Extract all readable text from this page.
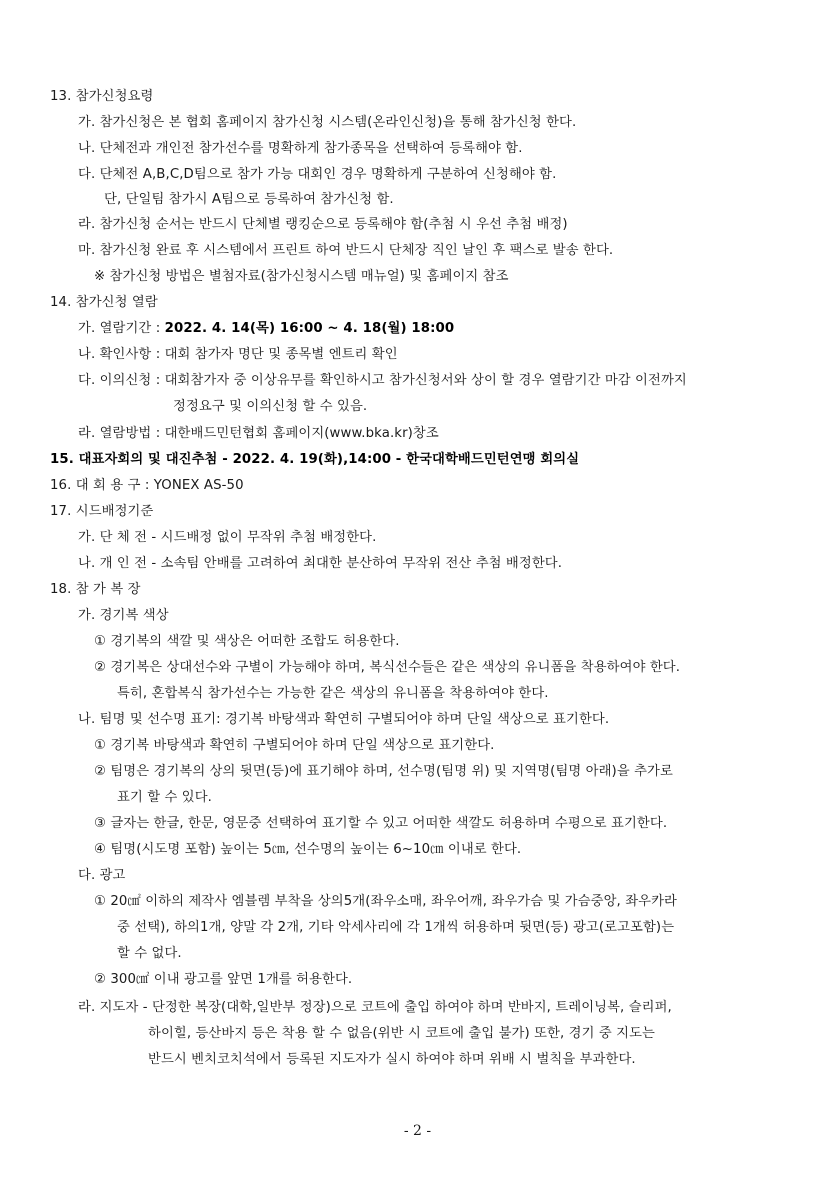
13. 참가신청요령
가. 참가신청은 본 협회 홈페이지 참가신청 시스템(온라인신청)을 통해 참가신청 한다.
나. 단체전과 개인전 참가선수를 명확하게 참가종목을 선택하여 등록해야 함.
다. 단체전 A,B,C,D팀으로 참가 가능 대회인 경우 명확하게 구분하여 신청해야 함.
단, 단일팀 참가시 A팀으로 등록하여 참가신청 함.
라. 참가신청 순서는 반드시 단체별 랭킹순으로 등록해야 함(추첨 시 우선 추첨 배정)
마. 참가신청 완료 후 시스템에서 프린트 하여 반드시 단체장 직인 날인 후 팩스로 발송 한다.
※ 참가신청 방법은 별첨자료(참가신청시스템 매뉴얼) 및 홈페이지 참조
14. 참가신청 열람
가. 열람기간 : 2022. 4. 14(목) 16:00 ~ 4. 18(월) 18:00
나. 확인사항 : 대회 참가자 명단 및 종목별 엔트리 확인
다. 이의신청 : 대회참가자 중 이상유무를 확인하시고 참가신청서와 상이 할 경우 열람기간 마감 이전까지
정정요구 및 이의신청 할 수 있음.
라. 열람방법 : 대한배드민턴협회 홈페이지(www.bka.kr)창조
15. 대표자회의 및 대진추첨 - 2022. 4. 19(화),14:00 - 한국대학배드민턴연맹 회의실
16. 대 회 용 구 : YONEX AS-50
17. 시드배정기준
가. 단 체 전 - 시드배정 없이 무작위 추첨 배정한다.
나. 개 인 전 - 소속팀 안배를 고려하여 최대한 분산하여 무작위 전산 추첨 배정한다.
18. 참 가 복 장
가. 경기복 색상
① 경기복의 색깔 및 색상은 어떠한 조합도 허용한다.
② 경기복은 상대선수와 구별이 가능해야 하며, 복식선수들은 같은 색상의 유니폼을 착용하여야 한다.
특히, 혼합복식 참가선수는 가능한 같은 색상의 유니폼을 착용하여야 한다.
나. 팀명 및 선수명 표기: 경기복 바탕색과 확연히 구별되어야 하며 단일 색상으로 표기한다.
① 경기복 바탕색과 확연히 구별되어야 하며 단일 색상으로 표기한다.
② 팀명은 경기복의 상의 뒷면(등)에 표기해야 하며, 선수명(팀명 위) 및 지역명(팀명 아래)을 추가로
표기 할 수 있다.
③ 글자는 한글, 한문, 영문중 선택하여 표기할 수 있고 어떠한 색깔도 허용하며 수평으로 표기한다.
④ 팀명(시도명 포함) 높이는 5㎝, 선수명의 높이는 6~10㎝ 이내로 한다.
다. 광고
① 20㎠ 이하의 제작사 엠블렘 부착을 상의5개(좌우소매, 좌우어깨, 좌우가슴 및 가슴중앙, 좌우카라
중 선택), 하의1개, 양말 각 2개, 기타 악세사리에 각 1개씩 허용하며 뒷면(등) 광고(로고포함)는
할 수 없다.
② 300㎠ 이내 광고를 앞면 1개를 허용한다.
라. 지도자 - 단정한 복장(대학,일반부 정장)으로 코트에 출입 하여야 하며 반바지, 트레이닝복, 슬리퍼,
하이힐, 등산바지 등은 착용 할 수 없음(위반 시 코트에 출입 불가) 또한, 경기 중 지도는
반드시 벤치코치석에서 등록된 지도자가 실시 하여야 하며 위배 시 벌칙을 부과한다.
- 2 -
